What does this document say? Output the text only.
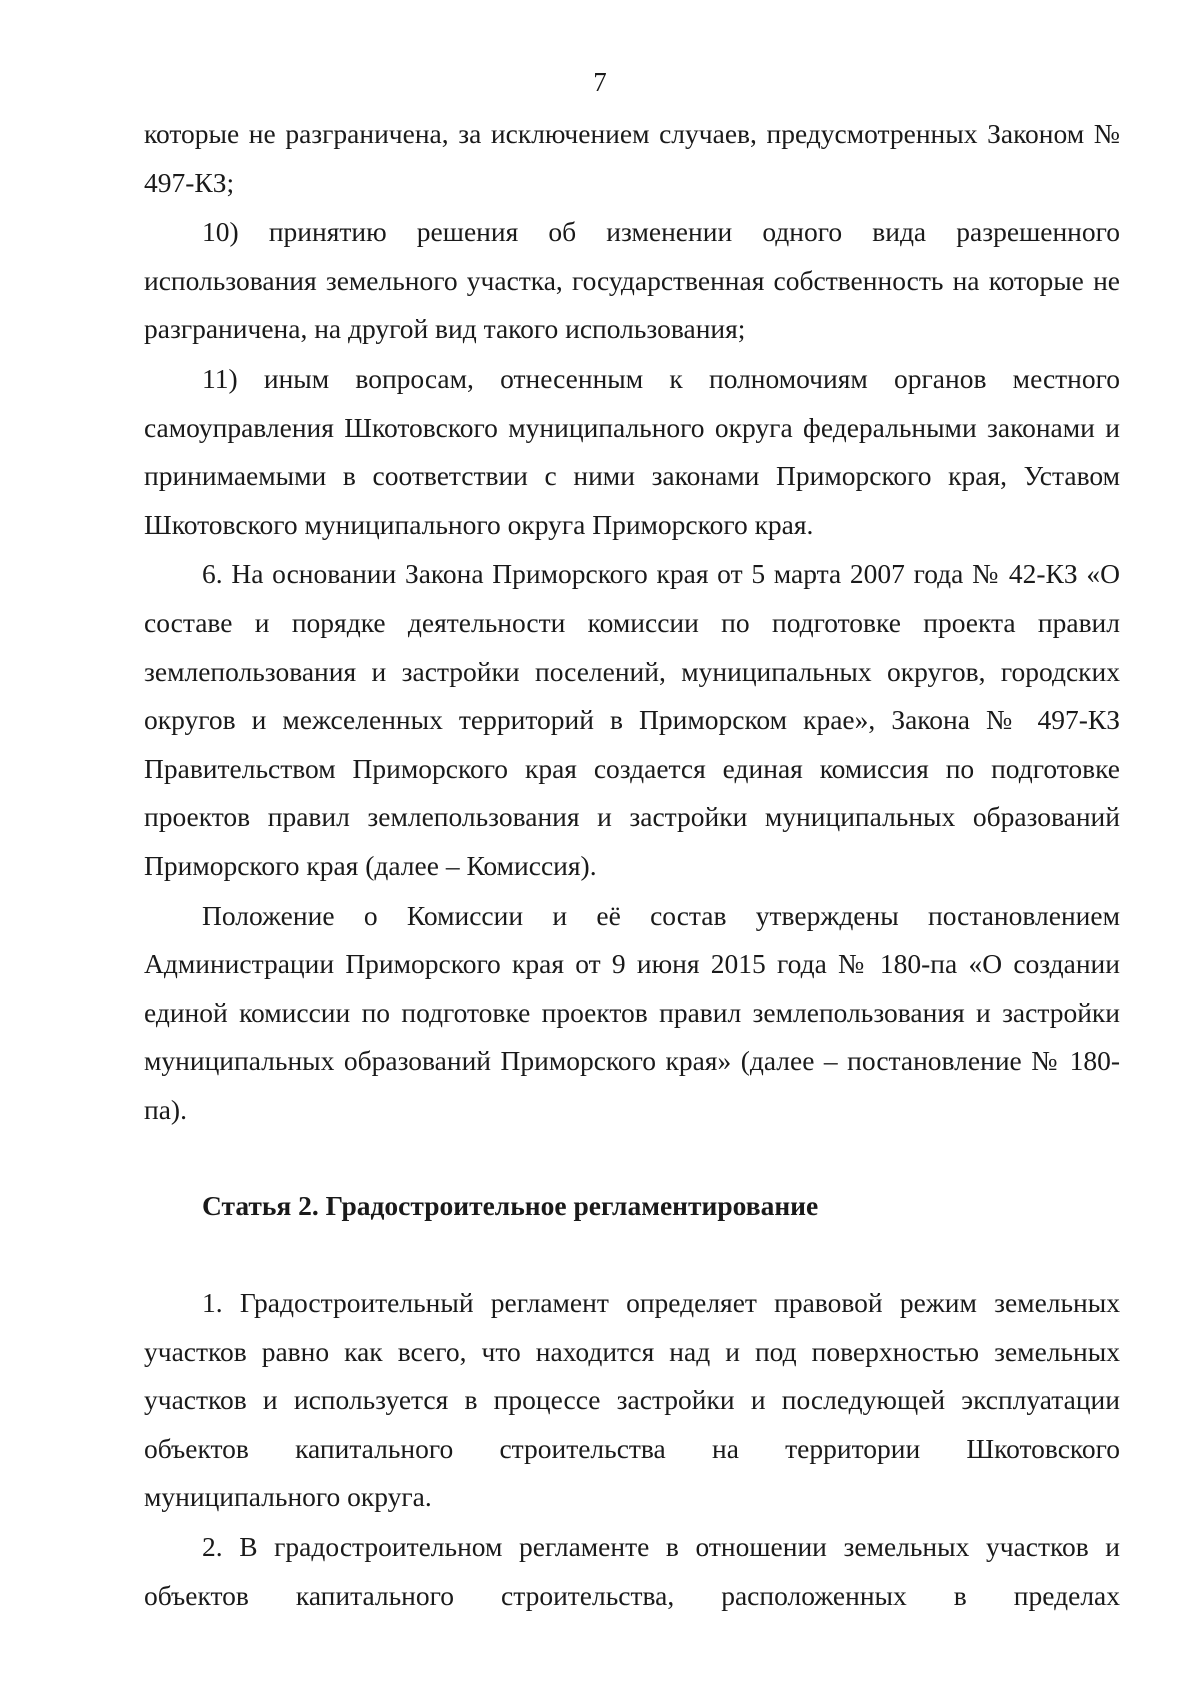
7

которые не разграничена, за исключением случаев, предусмотренных Законом № 497-КЗ;

10) принятию решения об изменении одного вида разрешенного использования земельного участка, государственная собственность на которые не разграничена, на другой вид такого использования;

11) иным вопросам, отнесенным к полномочиям органов местного самоуправления Шкотовского муниципального округа федеральными законами и принимаемыми в соответствии с ними законами Приморского края, Уставом Шкотовского муниципального округа Приморского края.

6. На основании Закона Приморского края от 5 марта 2007 года № 42-КЗ «О составе и порядке деятельности комиссии по подготовке проекта правил землепользования и застройки поселений, муниципальных округов, городских округов и межселенных территорий в Приморском крае», Закона № 497-КЗ Правительством Приморского края создается единая комиссия по подготовке проектов правил землепользования и застройки муниципальных образований Приморского края (далее – Комиссия).

Положение о Комиссии и её состав утверждены постановлением Администрации Приморского края от 9 июня 2015 года № 180-па «О создании единой комиссии по подготовке проектов правил землепользования и застройки муниципальных образований Приморского края» (далее – постановление № 180-па).

Статья 2. Градостроительное регламентирование

1. Градостроительный регламент определяет правовой режим земельных участков равно как всего, что находится над и под поверхностью земельных участков и используется в процессе застройки и последующей эксплуатации объектов капитального строительства на территории Шкотовского муниципального округа.

2. В градостроительном регламенте в отношении земельных участков и объектов капитального строительства, расположенных в пределах
